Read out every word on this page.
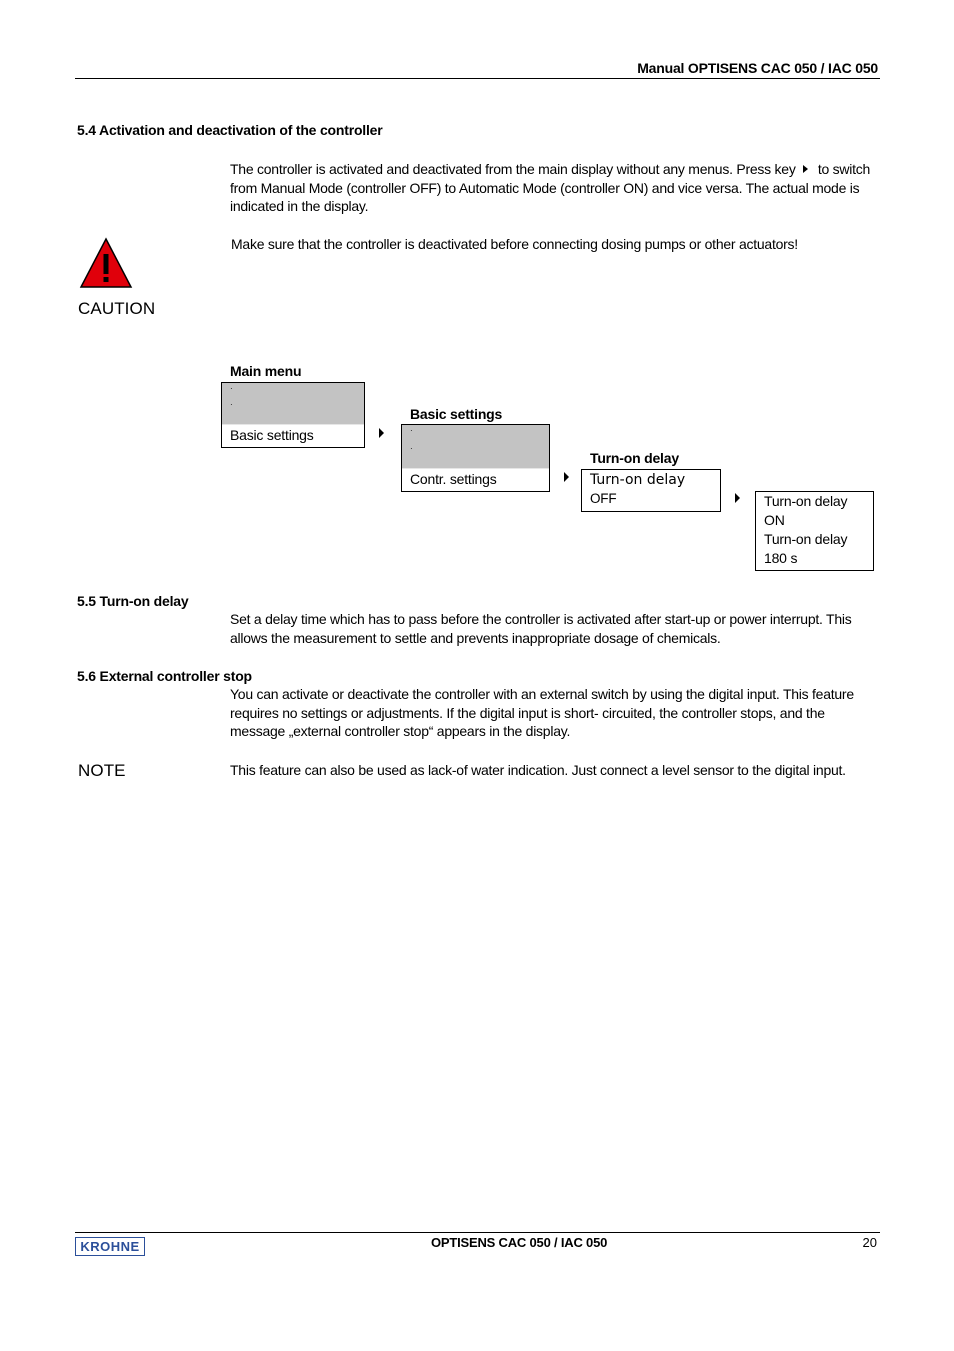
Manual OPTISENS CAC 050 / IAC 050
5.4 Activation and deactivation of the controller
The controller is activated and deactivated from the main display without any menus. Press key to switch
from Manual Mode (controller OFF) to Automatic Mode (controller ON) and vice versa. The actual mode is
indicated in the display.
CAUTION
Make sure that the controller is deactivated before connecting dosing pumps or other actuators!
Main menu
·
·
Basic settings
Basic settings
·
·
Contr. settings
Turn-on delay
Turn-on delay
OFF	Turn-on delay
ON
Turn-on delay
180 s
5.5 Turn-on delay
Set a delay time which has to pass before the controller is activated after start-up or power interrupt. This
allows the measurement to settle and prevents inappropriate dosage of chemicals.
5.6 External controller stop
You can activate or deactivate the controller with an external switch by using the digital input. This feature
requires no settings or adjustments. If the digital input is short- circuited, the controller stops, and the
message „external controller stop“ appears in the display.
NOTE	This feature can also be used as lack-of water indication. Just connect a level sensor to the digital input.
KROHNE	OPTISENS CAC 050 / IAC 050	20
